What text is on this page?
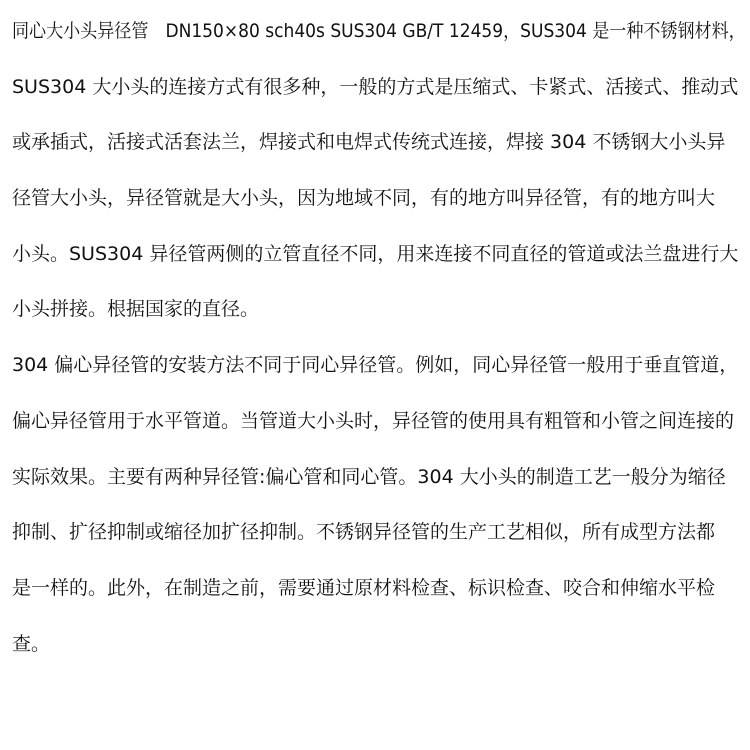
同心大小头异径管　DN150×80 sch40s SUS304 GB/T 12459，SUS304 是一种不锈钢材料，
SUS304 大小头的连接方式有很多种，一般的方式是压缩式、卡紧式、活接式、推动式
或承插式，活接式活套法兰，焊接式和电焊式传统式连接，焊接 304 不锈钢大小头异
径管大小头，异径管就是大小头，因为地域不同，有的地方叫异径管，有的地方叫大
小头。SUS304 异径管两侧的立管直径不同，用来连接不同直径的管道或法兰盘进行大
小头拼接。根据国家的直径。
304 偏心异径管的安装方法不同于同心异径管。例如，同心异径管一般用于垂直管道，
偏心异径管用于水平管道。当管道大小头时，异径管的使用具有粗管和小管之间连接的
实际效果。主要有两种异径管:偏心管和同心管。304 大小头的制造工艺一般分为缩径
抑制、扩径抑制或缩径加扩径抑制。不锈钢异径管的生产工艺相似，所有成型方法都
是一样的。此外，在制造之前，需要通过原材料检查、标识检查、咬合和伸缩水平检
查。
